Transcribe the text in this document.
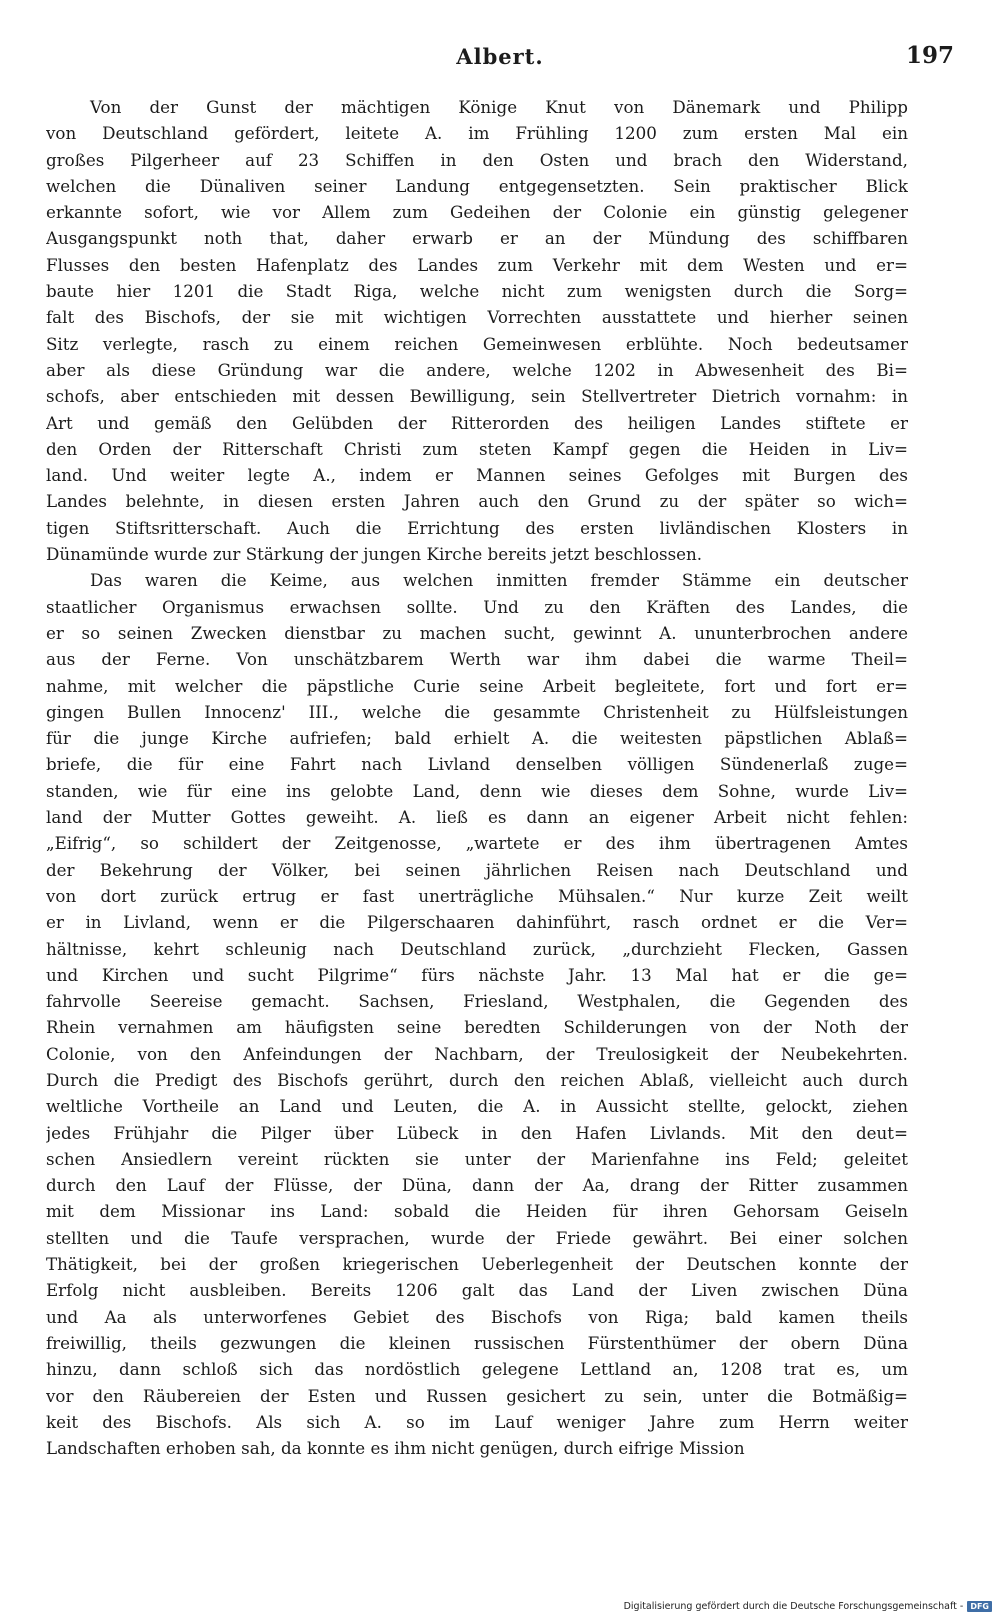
Albert.	197
Von der Gunst der mächtigen Könige Knut von Dänemark und Philipp
von Deutschland gefördert, leitete A. im Frühling 1200 zum ersten Mal ein
großes Pilgerheer auf 23 Schiffen in den Osten und brach den Widerstand,
welchen die Dünaliven seiner Landung entgegensetzten. Sein praktischer Blick
erkannte sofort, wie vor Allem zum Gedeihen der Colonie ein günstig gelegener
Ausgangspunkt noth that, daher erwarb er an der Mündung des schiffbaren
Flusses den besten Hafenplatz des Landes zum Verkehr mit dem Westen und er=
baute hier 1201 die Stadt Riga, welche nicht zum wenigsten durch die Sorg=
falt des Bischofs, der sie mit wichtigen Vorrechten ausstattete und hierher seinen
Sitz verlegte, rasch zu einem reichen Gemeinwesen erblühte. Noch bedeutsamer
aber als diese Gründung war die andere, welche 1202 in Abwesenheit des Bi=
schofs, aber entschieden mit dessen Bewilligung, sein Stellvertreter Dietrich vornahm: in
Art und gemäß den Gelübden der Ritterorden des heiligen Landes stiftete er
den Orden der Ritterschaft Christi zum steten Kampf gegen die Heiden in Liv=
land. Und weiter legte A., indem er Mannen seines Gefolges mit Burgen des
Landes belehnte, in diesen ersten Jahren auch den Grund zu der später so wich=
tigen Stiftsritterschaft. Auch die Errichtung des ersten livländischen Klosters in
Dünamünde wurde zur Stärkung der jungen Kirche bereits jetzt beschlossen.
Das waren die Keime, aus welchen inmitten fremder Stämme ein deutscher
staatlicher Organismus erwachsen sollte. Und zu den Kräften des Landes, die
er so seinen Zwecken dienstbar zu machen sucht, gewinnt A. ununterbrochen andere
aus der Ferne. Von unschätzbarem Werth war ihm dabei die warme Theil=
nahme, mit welcher die päpstliche Curie seine Arbeit begleitete, fort und fort er=
gingen Bullen Innocenz' III., welche die gesammte Christenheit zu Hülfsleistungen
für die junge Kirche aufriefen; bald erhielt A. die weitesten päpstlichen Ablaß=
briefe, die für eine Fahrt nach Livland denselben völligen Sündenerlaß zuge=
standen, wie für eine ins gelobte Land, denn wie dieses dem Sohne, wurde Liv=
land der Mutter Gottes geweiht. A. ließ es dann an eigener Arbeit nicht fehlen:
„Eifrig“, so schildert der Zeitgenosse, „wartete er des ihm übertragenen Amtes
der Bekehrung der Völker, bei seinen jährlichen Reisen nach Deutschland und
von dort zurück ertrug er fast unerträgliche Mühsalen.“ Nur kurze Zeit weilt
er in Livland, wenn er die Pilgerschaaren dahinführt, rasch ordnet er die Ver=
hältnisse, kehrt schleunig nach Deutschland zurück, „durchzieht Flecken, Gassen
und Kirchen und sucht Pilgrime“ fürs nächste Jahr. 13 Mal hat er die ge=
fahrvolle Seereise gemacht. Sachsen, Friesland, Westphalen, die Gegenden des
Rhein vernahmen am häufigsten seine beredten Schilderungen von der Noth der
Colonie, von den Anfeindungen der Nachbarn, der Treulosigkeit der Neubekehrten.
Durch die Predigt des Bischofs gerührt, durch den reichen Ablaß, vielleicht auch durch
weltliche Vortheile an Land und Leuten, die A. in Aussicht stellte, gelockt, ziehen
jedes Frühjahr die Pilger über Lübeck in den Hafen Livlands. Mit den deut=
schen Ansiedlern vereint rückten sie unter der Marienfahne ins Feld; geleitet
durch den Lauf der Flüsse, der Düna, dann der Aa, drang der Ritter zusammen
mit dem Missionar ins Land: sobald die Heiden für ihren Gehorsam Geiseln
stellten und die Taufe versprachen, wurde der Friede gewährt. Bei einer solchen
Thätigkeit, bei der großen kriegerischen Ueberlegenheit der Deutschen konnte der
Erfolg nicht ausbleiben. Bereits 1206 galt das Land der Liven zwischen Düna
und Aa als unterworfenes Gebiet des Bischofs von Riga; bald kamen theils
freiwillig, theils gezwungen die kleinen russischen Fürstenthümer der obern Düna
hinzu, dann schloß sich das nordöstlich gelegene Lettland an, 1208 trat es, um
vor den Räubereien der Esten und Russen gesichert zu sein, unter die Botmäßig=
keit des Bischofs. Als sich A. so im Lauf weniger Jahre zum Herrn weiter
Landschaften erhoben sah, da konnte es ihm nicht genügen, durch eifrige Mission
Digitalisierung gefördert durch die Deutsche Forschungsgemeinschaft - DFG
